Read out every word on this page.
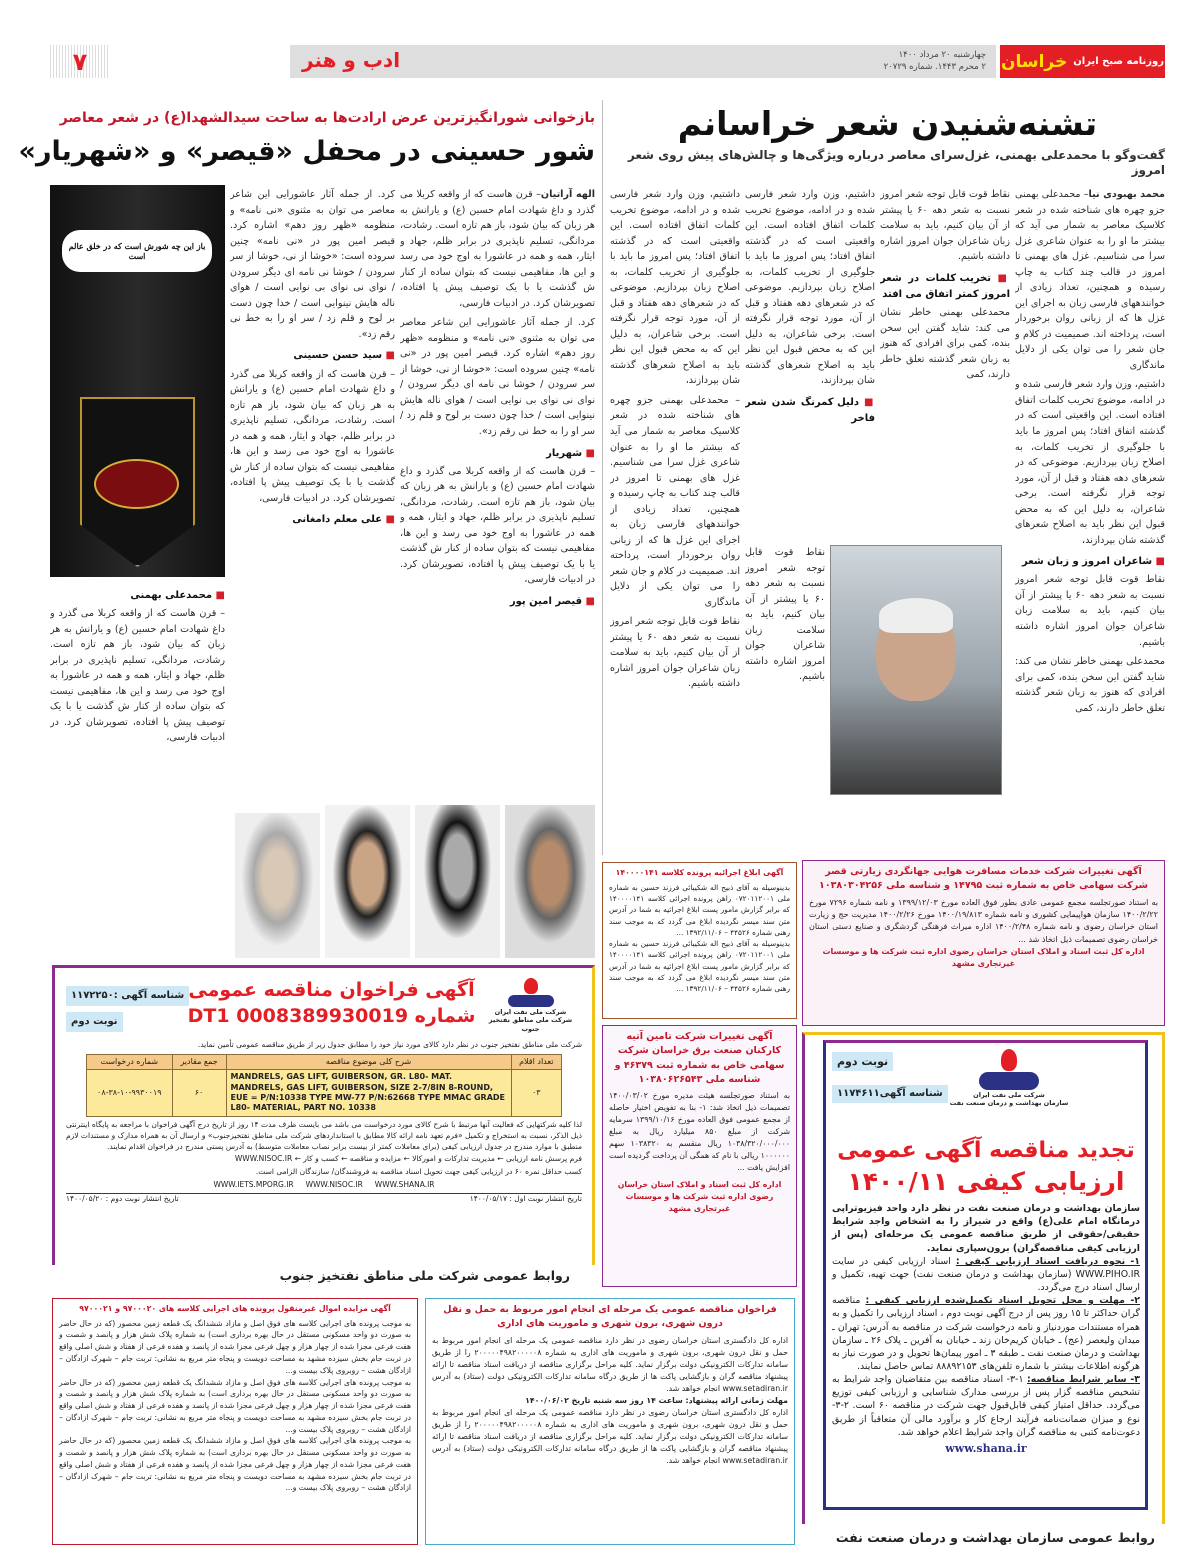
روزنامه صبح ایران
خراسان
چهارشنبه ۲۰ مرداد ۱۴۰۰
۲ محرم ۱۴۴۳. شماره ۲۰۷۲۹
ادب و هنر
۷
تشنه‌شنیدن شعر خراسانم
گفت‌وگو با محمدعلی بهمنی، غزل‌سرای معاصر درباره ویژگی‌ها و چالش‌های پیش روی شعر امروز

محمد بهبودی نیا– محمدعلی بهمنی جزو چهره های شناخته شده در شعر کلاسیک معاصر به شمار می آید که بیشتر ما او را به عنوان شاعری غزل سرا می شناسیم. غزل های بهمنی تا امروز در قالب چند کتاب به چاپ رسیده و همچنین، تعداد زیادی از خوانندههای فارسی زبان به اجرای این غزل ها که از زبانی روان برخوردار است، پرداخته اند. صمیمیت در کلام و جان شعر را می توان یکی از دلایل ماندگاری

داشتیم، وزن وارد شعر فارسی شده و در ادامه، موضوع تخریب کلمات اتفاق افتاده است. این واقعیتی است که در گذشته اتفاق افتاد؛ پس امروز ما باید با جلوگیری از تخریب کلمات، به اصلاح زبان بپردازیم. موضوعی که در شعرهای دهه هفتاد و قبل از آن، مورد توجه قرار نگرفته است. برخی شاعران، به دلیل این که به محض قبول این نظر باید به اصلاح شعرهای گذشته شان بپردازند،

■ شاعران امروز و زبان شعر

نقاط قوت قابل توجه شعر امروز نسبت به شعر دهه ۶۰ یا پیشتر از آن بیان کنیم، باید به سلامت زبان شاعران جوان امروز اشاره داشته باشیم.

محمدعلی بهمنی خاطر نشان می کند: شاید گفتن این سخن بنده، کمی برای افرادی که هنوز به زبان شعر گذشته تعلق خاطر دارند، کمی

نقاط قوت قابل توجه شعر امروز نسبت به شعر دهه ۶۰ یا پیشتر از آن بیان کنیم، باید به سلامت زبان شاعران جوان امروز اشاره داشته باشیم.

■ تخریب کلمات در شعر امروز کمتر اتفاق می افتد

محمدعلی بهمنی خاطر نشان می کند: شاید گفتن این سخن بنده، کمی برای افرادی که هنوز به زبان شعر گذشته تعلق خاطر دارند، کمی

داشتیم، وزن وارد شعر فارسی شده و در ادامه، موضوع تخریب کلمات اتفاق افتاده است. این واقعیتی است که در گذشته اتفاق افتاد؛ پس امروز ما باید با جلوگیری از تخریب کلمات، به اصلاح زبان بپردازیم. موضوعی که در شعرهای دهه هفتاد و قبل از آن، مورد توجه قرار نگرفته است. برخی شاعران، به دلیل این که به محض قبول این نظر باید به اصلاح شعرهای گذشته شان بپردازند،

■ دلیل کمرنگ شدن شعر فاخر

نقاط قوت قابل توجه شعر امروز نسبت به شعر دهه ۶۰ یا پیشتر از آن بیان کنیم، باید به سلامت زبان شاعران جوان امروز اشاره داشته باشیم.

داشتیم، وزن وارد شعر فارسی شده و در ادامه، موضوع تخریب کلمات اتفاق افتاده است. این واقعیتی است که در گذشته اتفاق افتاد؛ پس امروز ما باید با جلوگیری از تخریب کلمات، به اصلاح زبان بپردازیم. موضوعی که در شعرهای دهه هفتاد و قبل از آن، مورد توجه قرار نگرفته است. برخی شاعران، به دلیل این که به محض قبول این نظر باید به اصلاح شعرهای گذشته شان بپردازند،

– محمدعلی بهمنی جزو چهره های شناخته شده در شعر کلاسیک معاصر به شمار می آید که بیشتر ما او را به عنوان شاعری غزل سرا می شناسیم. غزل های بهمنی تا امروز در قالب چند کتاب به چاپ رسیده و همچنین، تعداد زیادی از خوانندههای فارسی زبان به اجرای این غزل ها که از زبانی روان برخوردار است، پرداخته اند. صمیمیت در کلام و جان شعر را می توان یکی از دلایل ماندگاری

نقاط قوت قابل توجه شعر امروز نسبت به شعر دهه ۶۰ یا پیشتر از آن بیان کنیم، باید به سلامت زبان شاعران جوان امروز اشاره داشته باشیم.

بازخوانی شورانگیزترین عرض ارادت‌ها به ساحت سیدالشهدا(ع) در شعر معاصر
شور حسینی در محفل «قیصر» و «شهریار»
باز این چه شورش است که در خلق عالم است

الهه آراتیان– قرن هاست که از واقعه کربلا می گذرد و داغ شهادت امام حسین (ع) و یارانش به هر زبان که بیان شود، باز هم تازه است. رشادت، مردانگی، تسلیم ناپذیری در برابر ظلم، جهاد و ایثار، همه و همه در عاشورا به اوج خود می رسد و این ها، مفاهیمی نیست که بتوان ساده از کنار ش گذشت یا با یک توصیف پیش پا افتاده، تصویرشان کرد. در ادبیات فارسی،

کرد. از جمله آثار عاشورایی این شاعر معاصر می توان به مثنوی «نی نامه» و منظومه «ظهر روز دهم» اشاره کرد. قیصر امین پور در «نی نامه» چنین سروده است: «خوشا از نی، خوشا از سر سرودن / خوشا نی نامه ای دیگر سرودن / نوای نی نوای بی نوایی است / هوای ناله هایش نینوایی است / خدا چون دست بر لوح و قلم زد / سر او را به خط نی رقم زد».

■ شهریار

– قرن هاست که از واقعه کربلا می گذرد و داغ شهادت امام حسین (ع) و یارانش به هر زبان که بیان شود، باز هم تازه است. رشادت، مردانگی، تسلیم ناپذیری در برابر ظلم، جهاد و ایثار، همه و همه در عاشورا به اوج خود می رسد و این ها، مفاهیمی نیست که بتوان ساده از کنار ش گذشت یا با یک توصیف پیش پا افتاده، تصویرشان کرد. در ادبیات فارسی،

■ قیصر امین پور

کرد. از جمله آثار عاشورایی این شاعر معاصر می توان به مثنوی «نی نامه» و منظومه «ظهر روز دهم» اشاره کرد. قیصر امین پور در «نی نامه» چنین سروده است: «خوشا از نی، خوشا از سر سرودن / خوشا نی نامه ای دیگر سرودن / نوای نی نوای بی نوایی است / هوای ناله هایش نینوایی است / خدا چون دست بر لوح و قلم زد / سر او را به خط نی رقم زد».

■ سید حسن حسینی

– قرن هاست که از واقعه کربلا می گذرد و داغ شهادت امام حسین (ع) و یارانش به هر زبان که بیان شود، باز هم تازه است. رشادت، مردانگی، تسلیم ناپذیری در برابر ظلم، جهاد و ایثار، همه و همه در عاشورا به اوج خود می رسد و این ها، مفاهیمی نیست که بتوان ساده از کنار ش گذشت یا با یک توصیف پیش پا افتاده، تصویرشان کرد. در ادبیات فارسی،

■ علی معلم دامغانی
■ محمدعلی بهمنی

– قرن هاست که از واقعه کربلا می گذرد و داغ شهادت امام حسین (ع) و یارانش به هر زبان که بیان شود، باز هم تازه است. رشادت، مردانگی، تسلیم ناپذیری در برابر ظلم، جهاد و ایثار، همه و همه در عاشورا به اوج خود می رسد و این ها، مفاهیمی نیست که بتوان ساده از کنار ش گذشت یا با یک توصیف پیش پا افتاده، تصویرشان کرد. در ادبیات فارسی،

شناسه آگهی :۱۱۷۲۲۵۰
نوبت دوم
شرکت ملی نفت ایران
شرکت ملی مناطق نفتخیز جنوب
آگهی فراخوان مناقصه عمومی
شماره 0008389930019 DT1
شرکت ملی مناطق نفتخیز جنوب در نظر دارد کالای مورد نیاز خود را مطابق جدول زیر از طریق مناقصه عمومی تأمین نماید.
تعداد اقلام	شرح کلی موضوع مناقصه	جمع مقادیر	شماره درخواست
۰۳	MANDRELS, GAS LIFT, GUIBERSON, GR. L80- MAT. MANDRELS, GAS LIFT, GUIBERSON, SIZE 2-7/8IN 8-ROUND, EUE = P/N:10338 TYPE MW-77 P/N:62668 TYPE MMAC GRADE L80- MATERIAL, PART NO. 10338	۶۰	۰۸-۳۸-۱۰-۹۹۳۰۰۱۹
لذا کلیه شرکتهایی که فعالیت آنها مرتبط با شرح کالای مورد درخواست می باشد می بایست ظرف مدت ۱۴ روز از تاریخ درج آگهی فراخوان با مراجعه به پایگاه اینترنتی ذیل الذکر، نسبت به استخراج و تکمیل «فرم تعهد نامه ارائه کالا مطابق با استانداردهای شرکت ملی مناطق نفتخیزجنوب» و ارسال آن به همراه مدارک و مستندات لازم منطبق با موارد مندرج در جدول ارزیابی کیفی (برای معاملات کمتر از بیست برابر نصاب معاملات متوسط) به آدرس پستی مندرج در فراخوان اقدام نمایند.
فرم پرسش نامه ارزیابی ← مدیریت تدارکات و امورکالا ← مزایده و مناقصه ← کسب و کار ← WWW.NISOC.IR
کسب حداقل نمره ۶۰ در ارزیابی کیفی جهت تحویل اسناد مناقصه به فروشندگان/ سازندگان الزامی است.
WWW.IETS.MPORG.IR     WWW.NISOC.IR     WWW.SHANA.IR
تاریخ انتشار نوبت اول : ۱۴۰۰/۰۵/۱۷
تاریخ انتشار نوبت دوم : ۱۴۰۰/۰۵/۲۰
روابط عمومی شرکت ملی مناطق نفتخیز جنوب
آگهی مزایده اموال غیرمنقول پرونده های اجرایی کلاسه های ۹۷۰۰۰۲۰ و ۹۷۰۰۰۲۱

به موجب پرونده های اجرایی کلاسه های فوق اصل و مازاد ششدانگ یک قطعه زمین محصور (که در حال حاضر به صورت دو واحد مسکونی مستقل در حال بهره برداری است) به شماره پلاک شش هزار و پانصد و شصت و هفت فرعی مجزا شده از چهار هزار و چهل فرعی مجزا شده از پانصد و هفده فرعی از هفتاد و شش اصلی واقع در تربت جام بخش سیزده مشهد به مساحت دویست و پنجاه متر مربع به نشانی: تربت جام – شهرک ازادگان – ازادگان هشت – روبروی پلاک بیست و...

به موجب پرونده های اجرایی کلاسه های فوق اصل و مازاد ششدانگ یک قطعه زمین محصور (که در حال حاضر به صورت دو واحد مسکونی مستقل در حال بهره برداری است) به شماره پلاک شش هزار و پانصد و شصت و هفت فرعی مجزا شده از چهار هزار و چهل فرعی مجزا شده از پانصد و هفده فرعی از هفتاد و شش اصلی واقع در تربت جام بخش سیزده مشهد به مساحت دویست و پنجاه متر مربع به نشانی: تربت جام – شهرک ازادگان – ازادگان هشت – روبروی پلاک بیست و...

به موجب پرونده های اجرایی کلاسه های فوق اصل و مازاد ششدانگ یک قطعه زمین محصور (که در حال حاضر به صورت دو واحد مسکونی مستقل در حال بهره برداری است) به شماره پلاک شش هزار و پانصد و شصت و هفت فرعی مجزا شده از چهار هزار و چهل فرعی مجزا شده از پانصد و هفده فرعی از هفتاد و شش اصلی واقع در تربت جام بخش سیزده مشهد به مساحت دویست و پنجاه متر مربع به نشانی: تربت جام – شهرک ازادگان – ازادگان هشت – روبروی پلاک بیست و...

آگهی ابلاغ اجرائیه پرونده کلاسه ۱۴۰۰۰۰۱۴۱

بدینوسیله به آقای ذبیح اله شکیبائی فرزند حسین به شماره ملی ۰۷۲۰۱۱۲۰۰۱ راهن پرونده اجرائی کلاسه ۱۴۰۰۰۰۱۴۱ که برابر گزارش مامور پست ابلاغ اجرائیه به شما در آدرس متن سند میسر نگردیده ابلاغ می گردد که به موجب سند رهنی شماره ۴۴۵۲۶ – ۱۳۹۲/۱۱/۰۶ ...

بدینوسیله به آقای ذبیح اله شکیبائی فرزند حسین به شماره ملی ۰۷۲۰۱۱۲۰۰۱ راهن پرونده اجرائی کلاسه ۱۴۰۰۰۰۱۴۱ که برابر گزارش مامور پست ابلاغ اجرائیه به شما در آدرس متن سند میسر نگردیده ابلاغ می گردد که به موجب سند رهنی شماره ۴۴۵۲۶ – ۱۳۹۲/۱۱/۰۶ ...

آگهی تغییرات شرکت تامین آتیه کارکنان صنعت برق خراسان شرکت سهامی خاص به شماره ثبت ۴۶۳۷۹ و شناسه ملی ۱۰۳۸۰۶۲۶۵۴۳

به استناد صورتجلسه هیئت مدیره مورخ ۱۴۰۰/۰۳/۰۲ تصمیمات ذیل اتخاذ شد: ۱- بنا به تفویض اختیار حاصله از مجمع عمومی فوق العاده مورخ ۱۳۹۹/۱۰/۱۶ سرمایه شرکت از مبلغ ۸۵۰ میلیارد ریال به مبلغ ۱۰۳۸/۳۲۰/۰۰۰/۰۰۰ ریال منقسم به ۱۰۳۸۳۲۰ سهم ۱۰۰۰۰۰۰ ریالی با نام که همگی آن پرداخت گردیده است افزایش یافت ...

اداره کل ثبت اسناد و املاک استان خراسان رضوی اداره ثبت شرکت ها و موسسات غیرتجاری مشهد

آگهی تغییرات شرکت خدمات مسافرت هوایی جهانگردی زیارتی قصر
شرکت سهامی خاص به شماره ثبت ۱۴۷۹۵ و شناسه ملی ۱۰۳۸۰۳۰۴۲۵۶

به استناد صورتجلسه مجمع عمومی عادی بطور فوق العاده مورخ ۱۳۹۹/۱۲/۰۳ و نامه شماره ۷۲۹۶ مورخ ۱۴۰۰/۲/۲۲ سازمان هواپیمایی کشوری و نامه شماره ۱۴۰۰/۱۹/۸۱۳ مورخ ۱۴۰۰/۲/۲۶ مدیریت حج و زیارت استان خراسان رضوی و نامه شماره ۱۴۰۰/۲/۴۸ اداره میراث فرهنگی گردشگری و صنایع دستی استان خراسان رضوی تصمیمات ذیل اتخاذ شد ...

اداره کل ثبت اسناد و املاک استان خراسان رضوی اداره ثبت شرکت ها و موسسات غیرتجاری مشهد

فراخوان مناقصه عمومی یک مرحله ای انجام امور مربوط به حمل و نقل درون شهری، برون شهری و ماموریت های اداری

اداره کل دادگستری استان خراسان رضوی در نظر دارد مناقصه عمومی یک مرحله ای انجام امور مربوط به حمل و نقل درون شهری، برون شهری و ماموریت های اداری به شماره ۲۰۰۰۰۰۴۹۸۲۰۰۰۰۰۸ را از طریق سامانه تدارکات الکترونیکی دولت برگزار نماید. کلیه مراحل برگزاری مناقصه از دریافت اسناد مناقصه تا ارائه پیشنهاد مناقصه گران و بازگشایی پاکت ها از طریق درگاه سامانه تدارکات الکترونیکی دولت (ستاد) به آدرس www.setadiran.ir انجام خواهد شد.

مهلت زمانی ارائه پیشنهاد: ساعت ۱۴ روز سه شنبه تاریخ ۱۴۰۰/۰۶/۰۲

اداره کل دادگستری استان خراسان رضوی در نظر دارد مناقصه عمومی یک مرحله ای انجام امور مربوط به حمل و نقل درون شهری، برون شهری و ماموریت های اداری به شماره ۲۰۰۰۰۰۴۹۸۲۰۰۰۰۰۸ را از طریق سامانه تدارکات الکترونیکی دولت برگزار نماید. کلیه مراحل برگزاری مناقصه از دریافت اسناد مناقصه تا ارائه پیشنهاد مناقصه گران و بازگشایی پاکت ها از طریق درگاه سامانه تدارکات الکترونیکی دولت (ستاد) به آدرس www.setadiran.ir انجام خواهد شد.

نوبت دوم
شناسه آگهی۱۱۷۴۶۱۱	شرکت ملی نفت ایران
سازمان بهداشت و درمان صنعت نفت
تجدید مناقصه آگهی عمومی
ارزیابی کیفی ۱۴۰۰/۱۱

سازمان بهداشت و درمان صنعت نفت در نظر دارد واحد فیزیوتراپی درمانگاه امام علی(ع) واقع در شیراز را به اشخاص واجد شرایط حقیقی/حقوقی از طریق مناقصه عمومی یک مرحله‌ای (پس از ارزیابی کیفی مناقصه‌گران) برون‌سپاری نماید.

۱- نحوه دریافت اسناد ارزیابی کیفی : اسناد ارزیابی کیفی در سایت WWW.PIHO.IR (سازمان بهداشت و درمان صنعت نفت) جهت تهیه، تکمیل و ارسال اسناد درج می‌گردد.

۲- مهلت و محل تحویل اسناد تکمیل‌شده ارزیابی کیفی : مناقصه گران حداکثر تا ۱۵ روز پس از درج آگهی نوبت دوم ، اسناد ارزیابی را تکمیل و به همراه مستندات موردنیاز و نامه درخواست شرکت در مناقصه به آدرس: تهران ـ میدان ولیعصر (عج) ـ خیابان کریم‌خان زند ـ خیابان به آفرین ـ پلاک ۲۶ ـ سازمان بهداشت و درمان صنعت نفت ـ طبقه ۳ ـ امور پیمان‌ها تحویل و در صورت نیاز به هرگونه اطلاعات بیشتر با شماره تلفن‌های ۸۸۸۹۲۱۵۳ تماس حاصل نمایند.

۳- سایر شرایط مناقصه: ۱-۳- اسناد مناقصه بین متقاضیان واجد شرایط به تشخیص مناقصه گزار پس از بررسی مدارک شناسایی و ارزیابی کیفی توزیع می‌گردد. حداقل امتیاز کیفی قابل‌قبول جهت شرکت در مناقصه ۶۰ است. ۲-۳- نوع و میزان ضمانت‌نامه فرآیند ارجاع کار و برآورد مالی آن متعاقباً از طریق دعوت‌نامه کتبی به مناقصه گران واجد شرایط اعلام خواهد شد.

www.shana.ir
روابط عمومی سازمان بهداشت و درمان صنعت نفت
